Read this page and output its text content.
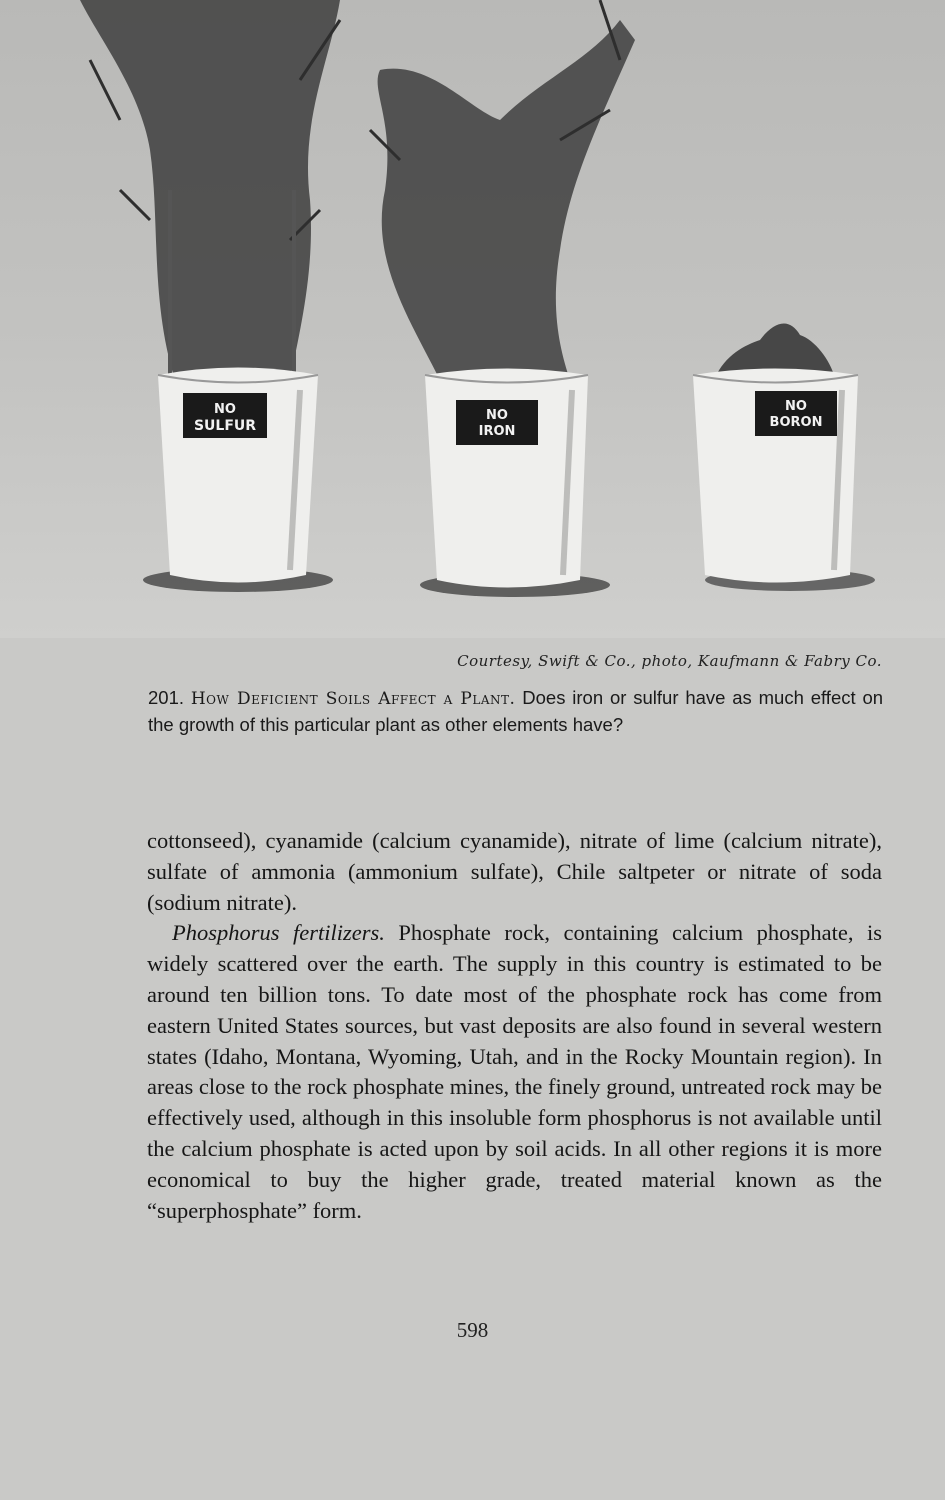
NO
SULFUR
NO
IRON
NO
BORON
Courtesy, Swift & Co., photo, Kaufmann & Fabry Co.
201. How Deficient Soils Affect a Plant. Does iron or sulfur have as much effect on the growth of this particular plant as other elements have?

cottonseed), cyanamide (calcium cyanamide), nitrate of lime (calcium nitrate), sulfate of ammonia (ammonium sulfate), Chile saltpeter or nitrate of soda (sodium nitrate).

Phosphorus fertilizers. Phosphate rock, containing calcium phosphate, is widely scattered over the earth. The supply in this country is estimated to be around ten billion tons. To date most of the phosphate rock has come from eastern United States sources, but vast deposits are also found in several western states (Idaho, Montana, Wyoming, Utah, and in the Rocky Mountain region). In areas close to the rock phosphate mines, the finely ground, untreated rock may be effectively used, although in this insoluble form phosphorus is not available until the calcium phosphate is acted upon by soil acids. In all other regions it is more economical to buy the higher grade, treated material known as the “superphosphate” form.

598
